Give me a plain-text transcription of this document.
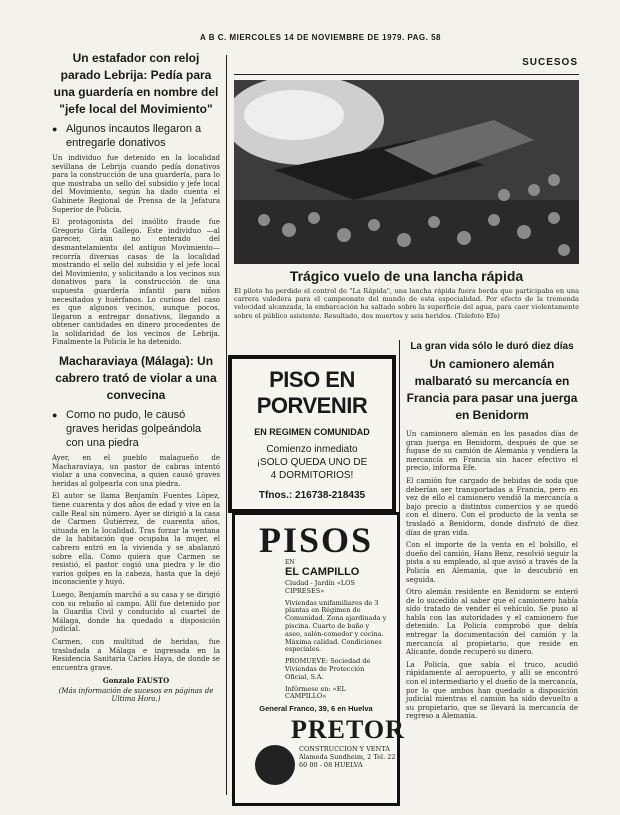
A B C. MIERCOLES 14 DE NOVIEMBRE DE 1979. PAG. 58
SUCESOS

Un estafador con reloj parado Lebrija: Pedía para una guardería en nombre del "jefe local del Movimiento"

● Algunos incautos llegaron a entregarle donativos

Un individuo fue detenido en la localidad sevillana de Lebrija cuando pedía donativos para la construcción de una guardería, para lo que mostraba un sello del subsidio y jefe local del Movimiento, según ha dado cuenta el Gabinete Regional de Prensa de la Jefatura Superior de Policía.

El protagonista del insólito fraude fue Gregorio Girla Gallego. Este individuo —al parecer, aún no enterado del desmantelamiento del antiguo Movimiento— recorría diversas casas de la localidad mostrando el sello del subsidio y el jefe local del Movimiento, y solicitando a los vecinos sus donativos para la construcción de una supuesta guardería infantil para niños necesitados y huérfanos. Lo curioso del caso es que algunos vecinos, aunque pocos, llegaron a entregar donativos, llegando a obtener cantidades en dinero procedentes de la solidaridad de los vecinos de Lebrija. Finalmente la Policía le ha detenido.

Macharaviaya (Málaga): Un cabrero trató de violar a una convecina

● Como no pudo, le causó graves heridas golpeándola con una piedra

Ayer, en el pueblo malagueño de Macharaviaya, un pastor de cabras intentó violar a una convecina, a quien causó graves heridas al golpearla con una piedra.

El autor se llama Benjamín Fuentes López, tiene cuarenta y dos años de edad y vive en la calle Real sin número. Ayer se dirigió a la casa de Carmen Gutiérrez, de cuarenta años, situada en la localidad. Tras forzar la ventana de la habitación que ocupaba la mujer, el cabrero entró en la vivienda y se abalanzó sobre ella. Como quiera que Carmen se resistió, el pastor cogió una piedra y le dio varios golpes en la cabeza, hasta que la dejó inconsciente y huyó.

Luego, Benjamín marchó a su casa y se dirigió con su rebaño al campo. Allí fue detenido por la Guardia Civil y conducido al cuartel de Málaga, donde ha quedado a disposición judicial.

Carmen, con multitud de heridas, fue trasladada a Málaga e ingresada en la Residencia Sanitaria Carlos Haya, de donde se encuentra grave.

Gonzalo FAUSTO

(Más información de sucesos en páginas de Ultima Hora.)

Trágico vuelo de una lancha rápida
El piloto ha perdido el control de "La Rápida", una lancha rápida fuera borda que participaba en una carrera valedera para el campeonato del mundo de esta especialidad. Por efecto de la tremenda velocidad alcanzada, la embarcación ha saltado sobre la superficie del agua, para caer violentamente sobre el público asistente. Resultado, dos muertos y seis heridos. (Telefoto Efe)
PISO EN PORVENIR
EN REGIMEN COMUNIDAD
Comienzo inmediato
¡SOLO QUEDA UNO DE
4 DORMITORIOS!
Tfnos.: 216738-218435
PISOS
EN
EL CAMPILLO
Ciudad - Jardín «LOS CIPRESES»
Viviendas unifamiliares de 3 plantas en Régimen de Comunidad. Zona ajardinada y piscina. Cuarto de baño y aseo, salón-comedor y cocina. Máxima calidad. Condiciones especiales.
PROMUEVE: Sociedad de Viviendas de Protección Oficial, S.A.
Infórmese en: «EL CAMPILLO»
General Franco, 39, 6 en Huelva
PRETOR
CONSTRUCCION Y VENTA Alameda Sundheim, 2 Tel. 22 60 00 - 08 HUELVA

La gran vida sólo le duró diez días

Un camionero alemán malbarató su mercancía en Francia para pasar una juerga en Benidorm

Un camionero alemán en los pasados días de gran juerga en Benidorm, después de que se fugase de su camión de Alemania y vendiera la mercancía en Francia sin hacer efectivo el precio, informa Efe.

El camión fue cargado de bebidas de soda que deberían ser transportadas a Francia, pero en vez de ello el camionero vendió la mercancía a bajo precio a distintos comercios y se quedó con el dinero. Con el producto de la venta se trasladó a Benidorm, donde disfrutó de diez días de gran vida.

Con el importe de la venta en el bolsillo, el dueño del camión, Hans Benz, resolvió seguir la pista a su empleado, al que avisó a través de la Policía en Alemania, que lo descubrió en seguida.

Otro alemán residente en Benidorm se enteró de lo sucedido al saber que el camionero había sido tratado de vender el vehículo. Se puso al habla con las autoridades y el camionero fue detenido. La Policía comprobó que debía entregar la documentación del camión y la mercancía al propietario, que reside en Alicante, donde recuperó su dinero.

La Policía, que sabía el truco, acudió rápidamente al aeropuerto, y allí se encontró con el intermediario y el dueño de la mercancía, por lo que ambos han quedado a disposición judicial mientras el camión ha sido devuelto a su propietario, que se llevará la mercancía de regreso a Alemania.
